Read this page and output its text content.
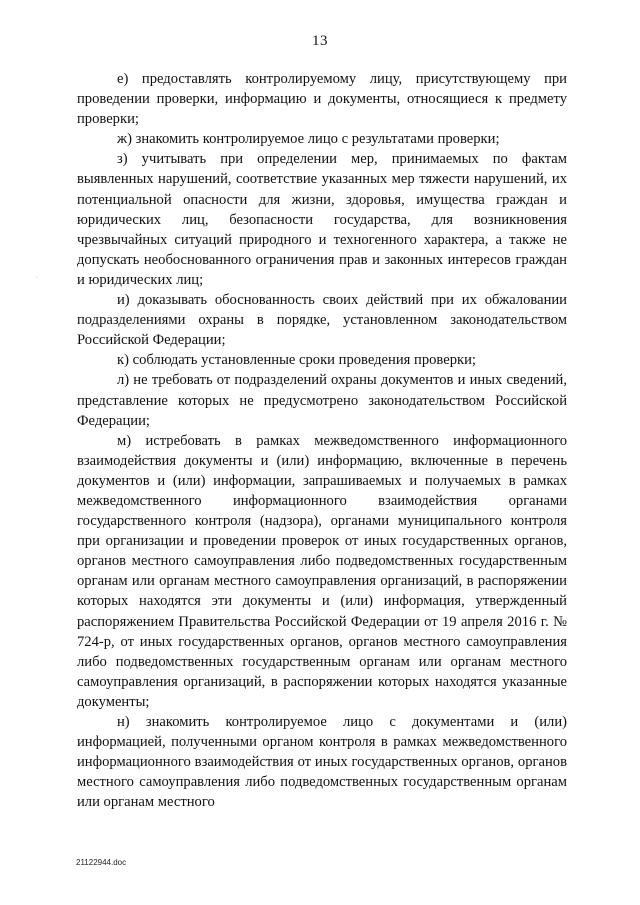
13

е) предоставлять контролируемому лицу, присутствующему при проведении проверки, информацию и документы, относящиеся к предмету проверки;

ж) знакомить контролируемое лицо с результатами проверки;

з) учитывать при определении мер, принимаемых по фактам выявленных нарушений, соответствие указанных мер тяжести нарушений, их потенциальной опасности для жизни, здоровья, имущества граждан и юридических лиц, безопасности государства, для возникновения чрезвычайных ситуаций природного и техногенного характера, а также не допускать необоснованного ограничения прав и законных интересов граждан и юридических лиц;

и) доказывать обоснованность своих действий при их обжаловании подразделениями охраны в порядке, установленном законодательством Российской Федерации;

к) соблюдать установленные сроки проведения проверки;

л) не требовать от подразделений охраны документов и иных сведений, представление которых не предусмотрено законодательством Российской Федерации;

м) истребовать в рамках межведомственного информационного взаимодействия документы и (или) информацию, включенные в перечень документов и (или) информации, запрашиваемых и получаемых в рамках межведомственного информационного взаимодействия органами государственного контроля (надзора), органами муниципального контроля при организации и проведении проверок от иных государственных органов, органов местного самоуправления либо подведомственных государственным органам или органам местного самоуправления организаций, в распоряжении которых находятся эти документы и (или) информация, утвержденный распоряжением Правительства Российской Федерации от 19 апреля 2016 г. № 724-р, от иных государственных органов, органов местного самоуправления либо подведомственных государственным органам или органам местного самоуправления организаций, в распоряжении которых находятся указанные документы;

н) знакомить контролируемое лицо с документами и (или) информацией, полученными органом контроля в рамках межведомственного информационного взаимодействия от иных государственных органов, органов местного самоуправления либо подведомственных государственным органам или органам местного

·
21122944.doc
